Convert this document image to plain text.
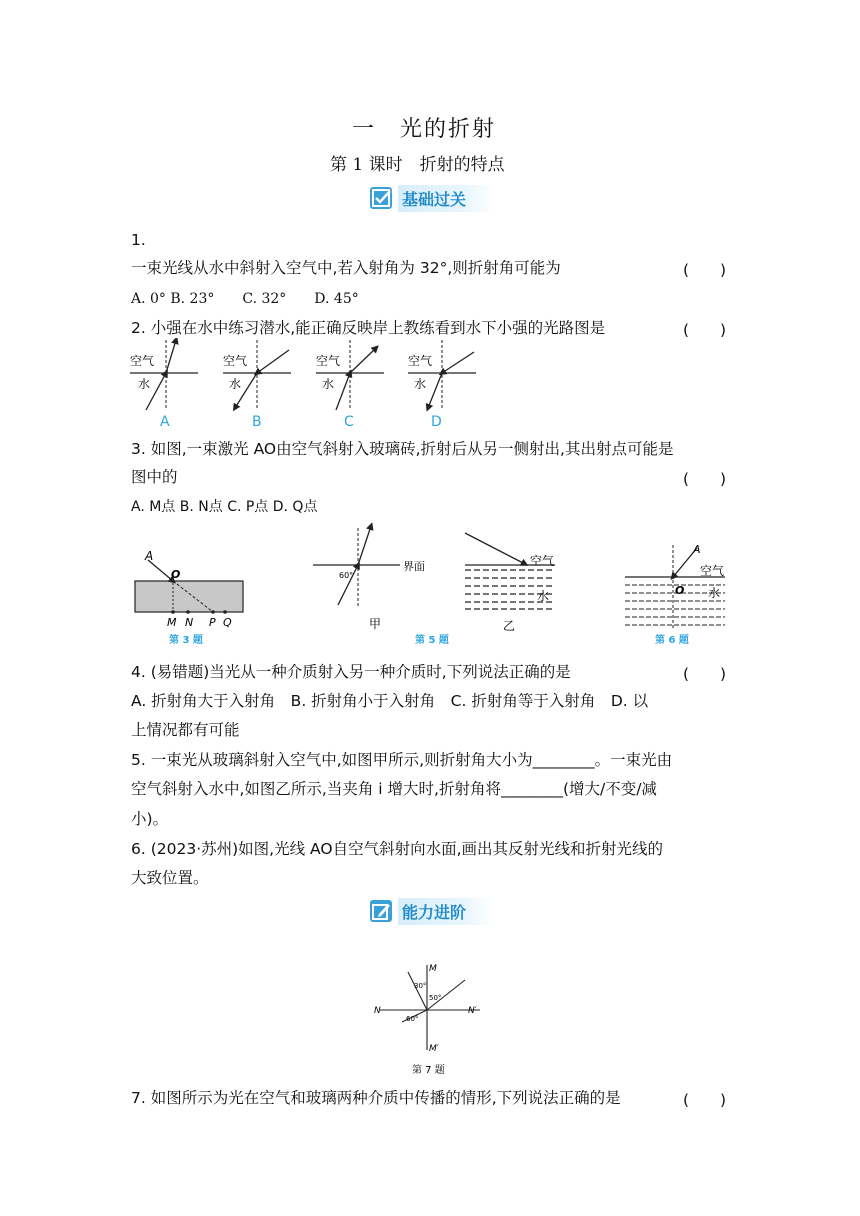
一　光的折射
第 1 课时　折射的特点
基础过关
1.
一束光线从水中斜射入空气中,若入射角为 32°,则折射角可能为	(　　)
A. 0° B. 23°　　C. 32°　　D. 45°
2. 小强在水中练习潜水,能正确反映岸上教练看到水下小强的光路图是	(　　)
空气
水
空气
水
空气
水
空气
水
A	B	C	D
3. 如图,一束激光 AO由空气斜射入玻璃砖,折射后从另一侧射出,其出射点可能是
图中的	(　　)
A. M点 B. N点 C. P点 D. Q点
A
O
M N P Q
第 3 题
60°
界面
甲
空气
水
乙
第 5 题
A
O
空气
水
第 6 题
4. (易错题)当光从一种介质射入另一种介质时,下列说法正确的是	(　　)
A. 折射角大于入射角　B. 折射角小于入射角　C. 折射角等于入射角　D. 以
上情况都有可能
5. 一束光从玻璃斜射入空气中,如图甲所示,则折射角大小为________。一束光由
空气斜射入水中,如图乙所示,当夹角 i 增大时,折射角将________(增大/不变/减
小)。
6. (2023·苏州)如图,光线 AO自空气斜射向水面,画出其反射光线和折射光线的
大致位置。
能力进阶
M
N	N′
M′
30°
50°
60°
第 7 题
7. 如图所示为光在空气和玻璃两种介质中传播的情形,下列说法正确的是	(　　)
